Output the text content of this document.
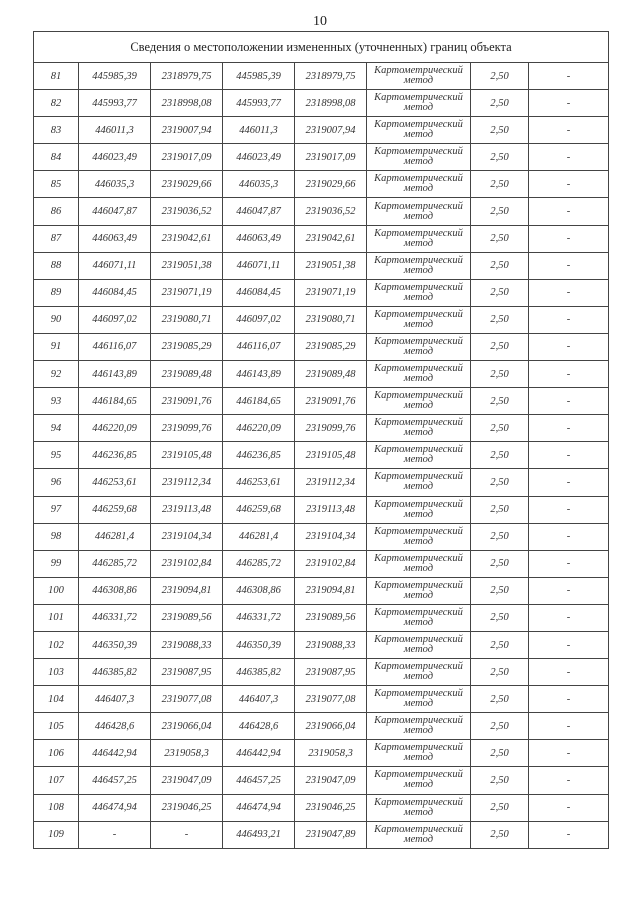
10
Сведения о местоположении измененных (уточненных) границ объекта							
81	445985,39	2318979,75	445985,39	2318979,75	Картометрический
метод	2,50	-
82	445993,77	2318998,08	445993,77	2318998,08	Картометрический
метод	2,50	-
83	446011,3	2319007,94	446011,3	2319007,94	Картометрический
метод	2,50	-
84	446023,49	2319017,09	446023,49	2319017,09	Картометрический
метод	2,50	-
85	446035,3	2319029,66	446035,3	2319029,66	Картометрический
метод	2,50	-
86	446047,87	2319036,52	446047,87	2319036,52	Картометрический
метод	2,50	-
87	446063,49	2319042,61	446063,49	2319042,61	Картометрический
метод	2,50	-
88	446071,11	2319051,38	446071,11	2319051,38	Картометрический
метод	2,50	-
89	446084,45	2319071,19	446084,45	2319071,19	Картометрический
метод	2,50	-
90	446097,02	2319080,71	446097,02	2319080,71	Картометрический
метод	2,50	-
91	446116,07	2319085,29	446116,07	2319085,29	Картометрический
метод	2,50	-
92	446143,89	2319089,48	446143,89	2319089,48	Картометрический
метод	2,50	-
93	446184,65	2319091,76	446184,65	2319091,76	Картометрический
метод	2,50	-
94	446220,09	2319099,76	446220,09	2319099,76	Картометрический
метод	2,50	-
95	446236,85	2319105,48	446236,85	2319105,48	Картометрический
метод	2,50	-
96	446253,61	2319112,34	446253,61	2319112,34	Картометрический
метод	2,50	-
97	446259,68	2319113,48	446259,68	2319113,48	Картометрический
метод	2,50	-
98	446281,4	2319104,34	446281,4	2319104,34	Картометрический
метод	2,50	-
99	446285,72	2319102,84	446285,72	2319102,84	Картометрический
метод	2,50	-
100	446308,86	2319094,81	446308,86	2319094,81	Картометрический
метод	2,50	-
101	446331,72	2319089,56	446331,72	2319089,56	Картометрический
метод	2,50	-
102	446350,39	2319088,33	446350,39	2319088,33	Картометрический
метод	2,50	-
103	446385,82	2319087,95	446385,82	2319087,95	Картометрический
метод	2,50	-
104	446407,3	2319077,08	446407,3	2319077,08	Картометрический
метод	2,50	-
105	446428,6	2319066,04	446428,6	2319066,04	Картометрический
метод	2,50	-
106	446442,94	2319058,3	446442,94	2319058,3	Картометрический
метод	2,50	-
107	446457,25	2319047,09	446457,25	2319047,09	Картометрический
метод	2,50	-
108	446474,94	2319046,25	446474,94	2319046,25	Картометрический
метод	2,50	-
109	-	-	446493,21	2319047,89	Картометрический
метод	2,50	-
